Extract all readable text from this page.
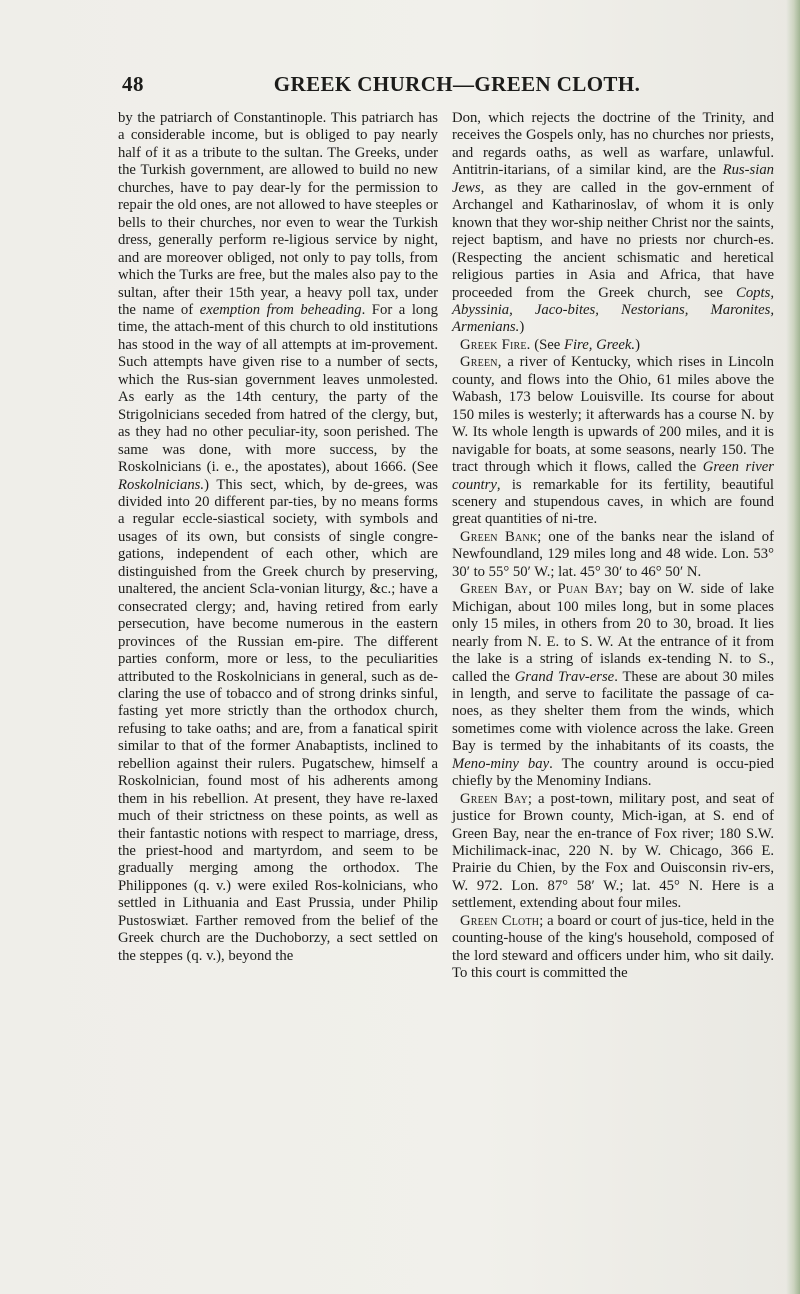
48	GREEK CHURCH—GREEN CLOTH.

by the patriarch of Constantinople. This patriarch has a considerable income, but is obliged to pay nearly half of it as a tribute to the sultan. The Greeks, under the Turkish government, are allowed to build no new churches, have to pay dear-ly for the permission to repair the old ones, are not allowed to have steeples or bells to their churches, nor even to wear the Turkish dress, generally perform re-ligious service by night, and are moreover obliged, not only to pay tolls, from which the Turks are free, but the males also pay to the sultan, after their 15th year, a heavy poll tax, under the name of exemption from beheading. For a long time, the attach-ment of this church to old institutions has stood in the way of all attempts at im-provement. Such attempts have given rise to a number of sects, which the Rus-sian government leaves unmolested. As early as the 14th century, the party of the Strigolnicians seceded from hatred of the clergy, but, as they had no other peculiar-ity, soon perished. The same was done, with more success, by the Roskolnicians (i. e., the apostates), about 1666. (See Roskolnicians.) This sect, which, by de-grees, was divided into 20 different par-ties, by no means forms a regular eccle-siastical society, with symbols and usages of its own, but consists of single congre-gations, independent of each other, which are distinguished from the Greek church by preserving, unaltered, the ancient Scla-vonian liturgy, &c.; have a consecrated clergy; and, having retired from early persecution, have become numerous in the eastern provinces of the Russian em-pire. The different parties conform, more or less, to the peculiarities attributed to the Roskolnicians in general, such as de-claring the use of tobacco and of strong drinks sinful, fasting yet more strictly than the orthodox church, refusing to take oaths; and are, from a fanatical spirit similar to that of the former Anabaptists, inclined to rebellion against their rulers. Pugatschew, himself a Roskolnician, found most of his adherents among them in his rebellion. At present, they have re-laxed much of their strictness on these points, as well as their fantastic notions with respect to marriage, dress, the priest-hood and martyrdom, and seem to be gradually merging among the orthodox. The Philippones (q. v.) were exiled Ros-kolnicians, who settled in Lithuania and East Prussia, under Philip Pustoswiæt. Farther removed from the belief of the Greek church are the Duchoborzy, a sect settled on the steppes (q. v.), beyond the

Don, which rejects the doctrine of the Trinity, and receives the Gospels only, has no churches nor priests, and regards oaths, as well as warfare, unlawful. Antitrin-itarians, of a similar kind, are the Rus-sian Jews, as they are called in the gov-ernment of Archangel and Katharinoslav, of whom it is only known that they wor-ship neither Christ nor the saints, reject baptism, and have no priests nor church-es. (Respecting the ancient schismatic and heretical religious parties in Asia and Africa, that have proceeded from the Greek church, see Copts, Abyssinia, Jaco-bites, Nestorians, Maronites, Armenians.)

Greek Fire. (See Fire, Greek.)

Green, a river of Kentucky, which rises in Lincoln county, and flows into the Ohio, 61 miles above the Wabash, 173 below Louisville. Its course for about 150 miles is westerly; it afterwards has a course N. by W. Its whole length is upwards of 200 miles, and it is navigable for boats, at some seasons, nearly 150. The tract through which it flows, called the Green river country, is remarkable for its fertility, beautiful scenery and stupendous caves, in which are found great quantities of ni-tre.

Green Bank; one of the banks near the island of Newfoundland, 129 miles long and 48 wide. Lon. 53° 30′ to 55° 50′ W.; lat. 45° 30′ to 46° 50′ N.

Green Bay, or Puan Bay; bay on W. side of lake Michigan, about 100 miles long, but in some places only 15 miles, in others from 20 to 30, broad. It lies nearly from N. E. to S. W. At the entrance of it from the lake is a string of islands ex-tending N. to S., called the Grand Trav-erse. These are about 30 miles in length, and serve to facilitate the passage of ca-noes, as they shelter them from the winds, which sometimes come with violence across the lake. Green Bay is termed by the inhabitants of its coasts, the Meno-miny bay. The country around is occu-pied chiefly by the Menominy Indians.

Green Bay; a post-town, military post, and seat of justice for Brown county, Mich-igan, at S. end of Green Bay, near the en-trance of Fox river; 180 S.W. Michilimack-inac, 220 N. by W. Chicago, 366 E. Prairie du Chien, by the Fox and Ouisconsin riv-ers, W. 972. Lon. 87° 58′ W.; lat. 45° N. Here is a settlement, extending about four miles.

Green Cloth; a board or court of jus-tice, held in the counting-house of the king's household, composed of the lord steward and officers under him, who sit daily. To this court is committed the
